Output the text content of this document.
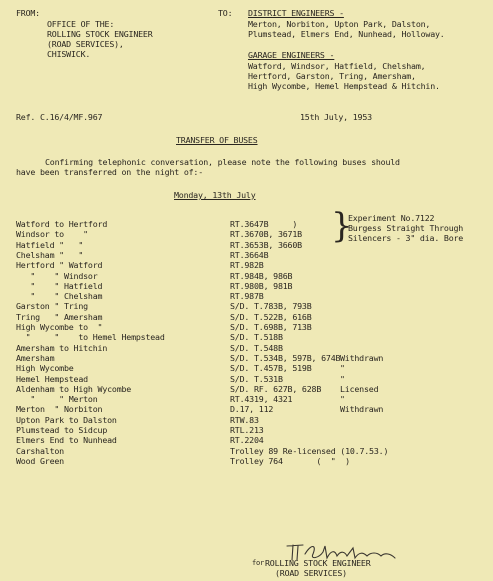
FROM:
OFFICE OF THE:
ROLLING STOCK ENGINEER
(ROAD SERVICES),
CHISWICK.
TO: DISTRICT ENGINEERS -
Merton, Norbiton, Upton Park, Dalston,
Plumstead, Elmers End, Nunhead, Holloway.
GARAGE ENGINEERS -
Watford, Windsor, Hatfield, Chelsham,
Hertford, Garston, Tring, Amersham,
High Wycombe, Hemel Hempstead & Hitchin.
Ref. C.16/4/MF.967	15th July, 1953
TRANSFER OF BUSES
Confirming telephonic conversation, please note the following buses should
have been transferred on the night of:-
Monday, 13th July
}
Experiment No.7122
Burgess Straight Through
Silencers - 3" dia. Bore
Watford to Hertford	RT.3647B     )
Windsor to    "	RT.3670B, 3671B
Hatfield "   "	RT.3653B, 3660B
Chelsham "   "	RT.3664B
Hertford " Watford	RT.982B
"    " Windsor	RT.984B, 986B
"    " Hatfield	RT.980B, 981B
"    " Chelsham	RT.987B
Garston " Tring	S/D. T.783B, 793B
Tring   " Amersham	S/D. T.522B, 616B
High Wycombe to  "	S/D. T.698B, 713B
"     "    to Hemel Hempstead	S/D. T.518B
Amersham to Hitchin	S/D. T.548B
Amersham	S/D. T.534B, 597B, 674B Withdrawn
High Wycombe	S/D. T.457B, 519B	"
Hemel Hempstead	S/D. T.531B	"
Aldenham to High Wycombe	S/D. RF. 627B, 628B Licensed
"     " Merton	RT.4319, 4321	"
Merton  " Norbiton	D.17, 112	Withdrawn
Upton Park to Dalston	RTW.83
Plumstead to Sidcup	RTL.213
Elmers End to Nunhead	RT.2204
Carshalton	Trolley 89 Re-licensed (10.7.53.)
Wood Green	Trolley 764       (  "  )
for ROLLING STOCK ENGINEER
(ROAD SERVICES)
